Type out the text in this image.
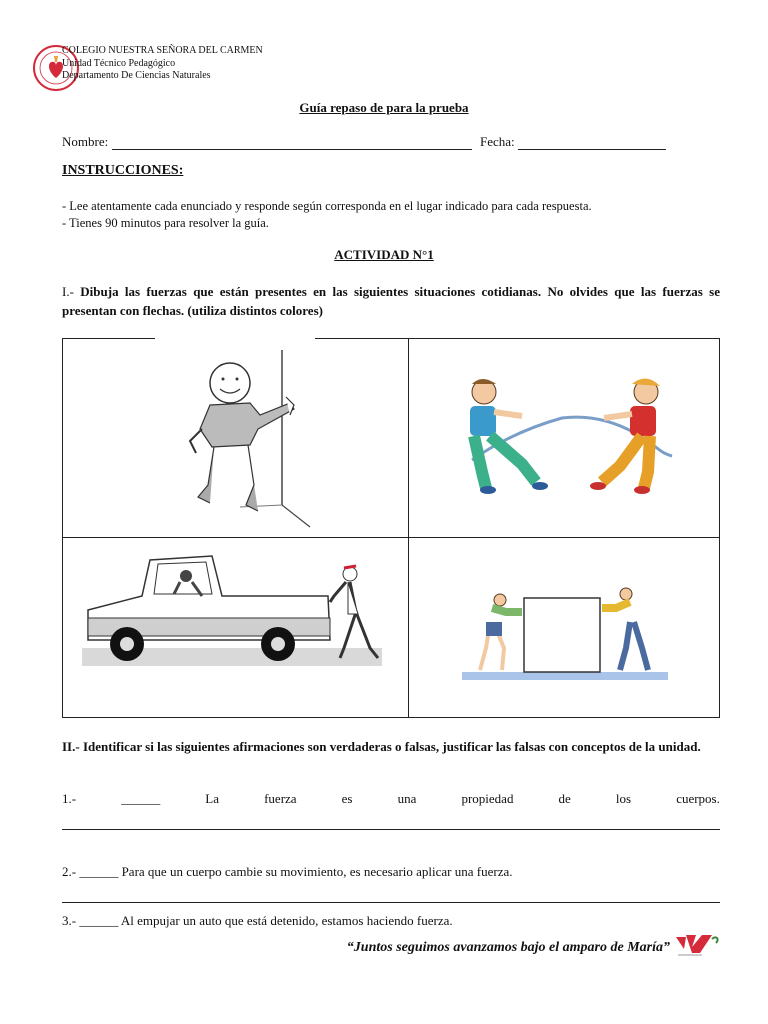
COLEGIO NUESTRA SEÑORA DEL CARMEN
Unidad Técnico Pedagógico
Departamento De Ciencias Naturales
Guía repaso de para la prueba
Nombre:	Fecha:
INSTRUCCIONES:
- Lee atentamente cada enunciado y responde según corresponda en el lugar indicado para cada respuesta.
- Tienes 90 minutos para resolver la guía.
ACTIVIDAD N°1
I.- Dibuja las fuerzas que están presentes en las siguientes situaciones cotidianas. No olvides que las fuerzas se presentan con flechas. (utiliza distintos colores)
II.- Identificar si las siguientes afirmaciones son verdaderas o falsas, justificar las falsas con conceptos de la unidad.
1.-	______	La	fuerza	es	una	propiedad	de	los	cuerpos.
2.- ______ Para que un cuerpo cambie su movimiento, es necesario aplicar una fuerza.
3.- ______ Al empujar un auto que está detenido, estamos haciendo fuerza.
“Juntos seguimos avanzamos bajo el amparo de María”
